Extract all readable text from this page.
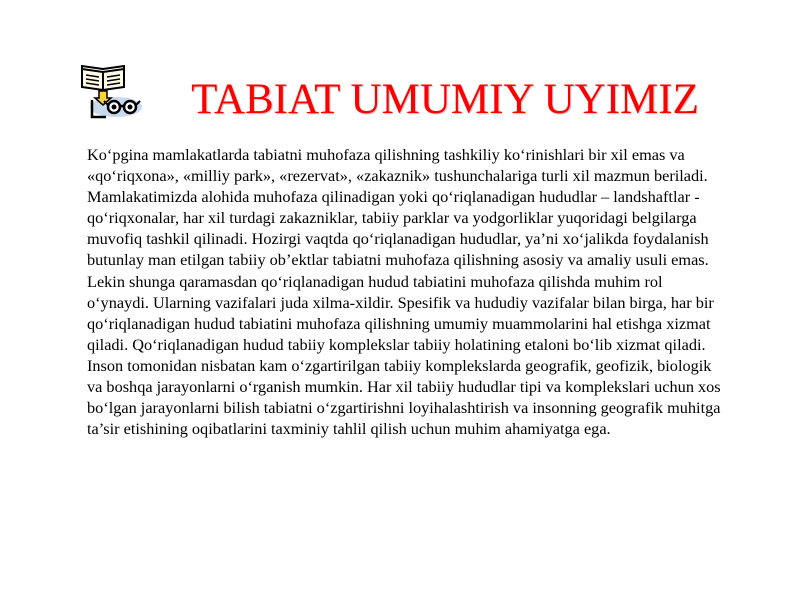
TABIAT UMUMIY UYIMIZ
Ko‘pgina mamlakatlarda tabiatni muhofaza qilishning tashkiliy ko‘rinishlari bir xil emas va «qo‘riqxona», «milliy park», «rezervat», «zakaznik» tushunchalariga turli xil mazmun beriladi. Mamlakatimizda alohida muhofaza qilinadigan yoki qo‘riqlanadigan hududlar – landshaftlar - qo‘riqxonalar, har xil turdagi zakazniklar, tabiiy parklar va yodgorliklar yuqoridagi belgilarga muvofiq tashkil qilinadi. Hozirgi vaqtda qo‘riqlanadigan hududlar, ya’ni xo‘jalikda foydalanish butunlay man etilgan tabiiy ob’ektlar tabiatni muhofaza qilishning asosiy va amaliy usuli emas. Lekin shunga qaramasdan qo‘riqlanadigan hudud tabiatini muhofaza qilishda muhim rol o‘ynaydi. Ularning vazifalari juda xilma-xildir. Spesifik va hududiy vazifalar bilan birga, har bir qo‘riqlanadigan hudud tabiatini muhofaza qilishning umumiy muammolarini hal etishga xizmat qiladi. Qo‘riqlanadigan hudud tabiiy komplekslar tabiiy holatining etaloni bo‘lib xizmat qiladi. Inson tomonidan nisbatan kam o‘zgartirilgan tabiiy komplekslarda geografik, geofizik, biologik va boshqa jarayonlarni o‘rganish mumkin. Har xil tabiiy hududlar tipi va komplekslari uchun xos bo‘lgan jarayonlarni bilish tabiatni o‘zgartirishni loyihalashtirish va insonning geografik muhitga ta’sir etishining oqibatlarini taxminiy tahlil qilish uchun muhim ahamiyatga ega.
